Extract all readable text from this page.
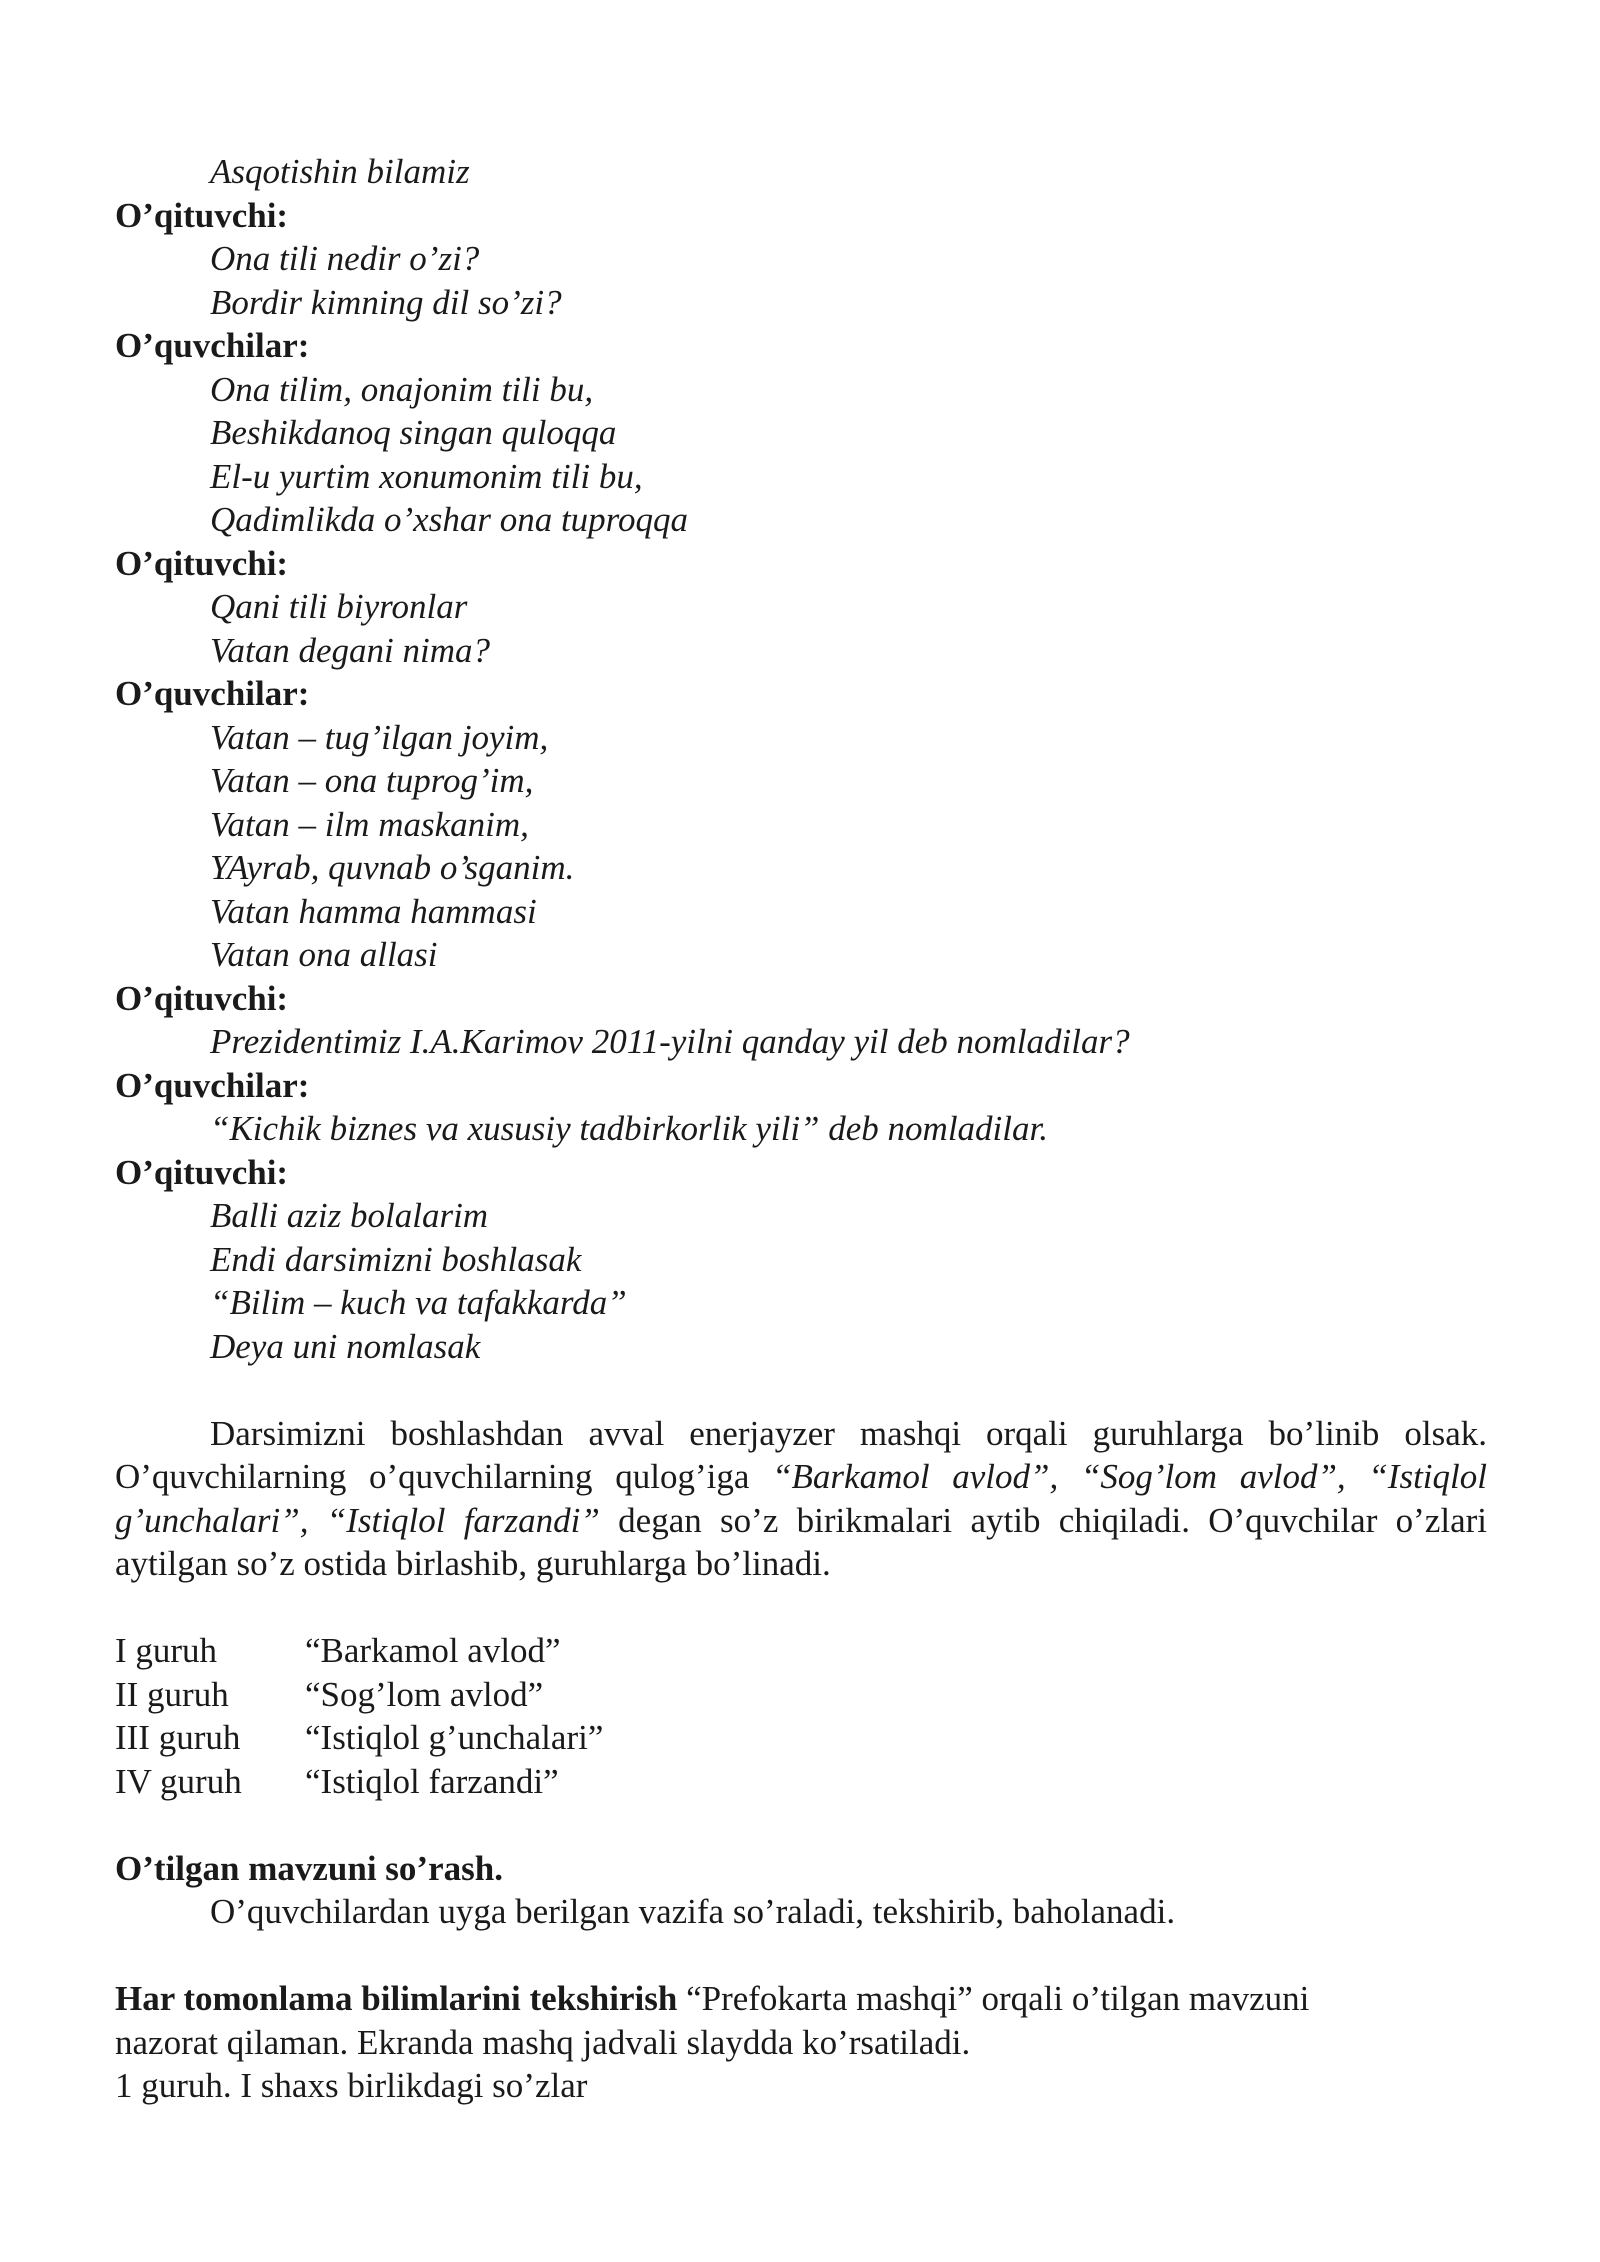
Asqotishin bilamiz
O’qituvchi:
Ona tili nedir o’zi?
Bordir kimning dil so’zi?
O’quvchilar:
Ona tilim, onajonim tili bu,
Beshikdanoq singan quloqqa
El-u yurtim xonumonim tili bu,
Qadimlikda o’xshar ona tuproqqa
O’qituvchi:
Qani tili biyronlar
Vatan degani nima?
O’quvchilar:
Vatan – tug’ilgan joyim,
Vatan – ona tuprog’im,
Vatan – ilm maskanim,
YAyrab, quvnab o’sganim.
Vatan hamma hammasi
Vatan ona allasi
O’qituvchi:
Prezidentimiz I.A.Karimov 2011-yilni qanday yil deb nomladilar?
O’quvchilar:
“Kichik biznes va xususiy tadbirkorlik yili” deb nomladilar.
O’qituvchi:
Balli aziz bolalarim
Endi darsimizni boshlasak
“Bilim – kuch va tafakkarda”
Deya uni nomlasak
Darsimizni boshlashdan avval enerjayzer mashqi orqali guruhlarga bo’linib olsak. O’quvchilarning o’quvchilarning qulog’iga “Barkamol avlod”, “Sog’lom avlod”, “Istiqlol g’unchalari”, “Istiqlol farzandi” degan so’z birikmalari aytib chiqiladi. O’quvchilar o’zlari aytilgan so’z ostida birlashib, guruhlarga bo’linadi.
I guruh	“Barkamol avlod”
II guruh	“Sog’lom avlod”
III guruh	“Istiqlol g’unchalari”
IV guruh	“Istiqlol farzandi”
O’tilgan mavzuni so’rash.
O’quvchilardan uyga berilgan vazifa so’raladi, tekshirib, baholanadi.
Har tomonlama bilimlarini tekshirish “Prefokarta mashqi” orqali o’tilgan mavzuni
nazorat qilaman. Ekranda mashq jadvali slaydda ko’rsatiladi.
1 guruh. I shaxs birlikdagi so’zlar
